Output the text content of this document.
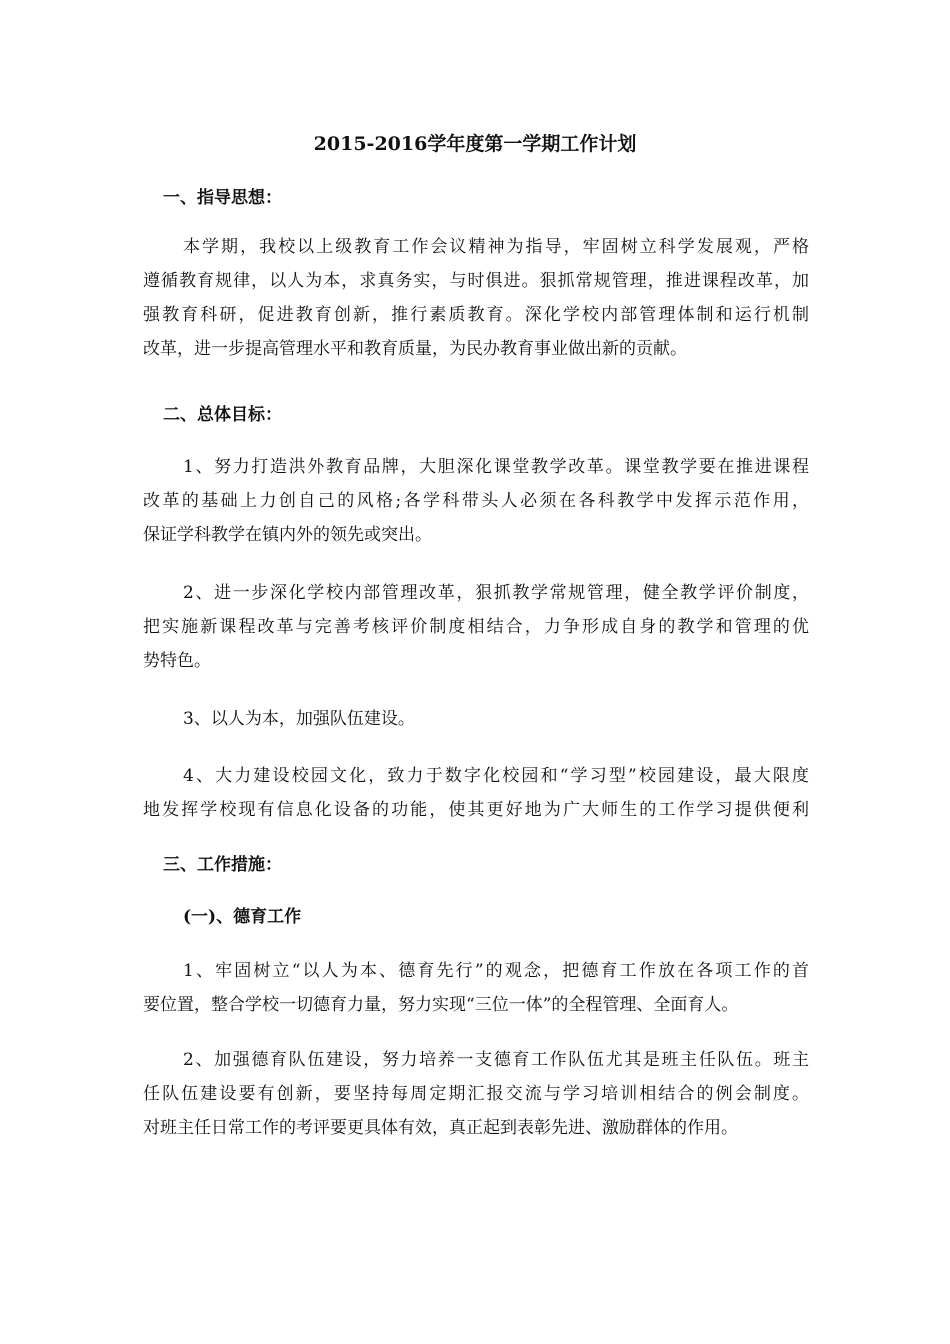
2015-2016学年度第一学期工作计划
一、指导思想：
本学期，我校以上级教育工作会议精神为指导，牢固树立科学发展观，严格
遵循教育规律，以人为本，求真务实，与时俱进。狠抓常规管理，推进课程改革，加
强教育科研，促进教育创新，推行素质教育。深化学校内部管理体制和运行机制
改革，进一步提高管理水平和教育质量，为民办教育事业做出新的贡献。
二、总体目标：
1、努力打造洪外教育品牌，大胆深化课堂教学改革。课堂教学要在推进课程
改革的基础上力创自己的风格;各学科带头人必须在各科教学中发挥示范作用，
保证学科教学在镇内外的领先或突出。
2、进一步深化学校内部管理改革，狠抓教学常规管理，健全教学评价制度，
把实施新课程改革与完善考核评价制度相结合，力争形成自身的教学和管理的优
势特色。
3、以人为本，加强队伍建设。
4、大力建设校园文化，致力于数字化校园和“学习型”校园建设，最大限度
地发挥学校现有信息化设备的功能，使其更好地为广大师生的工作学习提供便利
三、工作措施：
(一)、德育工作
1、牢固树立“以人为本、德育先行”的观念，把德育工作放在各项工作的首
要位置，整合学校一切德育力量，努力实现“三位一体”的全程管理、全面育人。
2、加强德育队伍建设，努力培养一支德育工作队伍尤其是班主任队伍。班主
任队伍建设要有创新，要坚持每周定期汇报交流与学习培训相结合的例会制度。
对班主任日常工作的考评要更具体有效，真正起到表彰先进、激励群体的作用。
